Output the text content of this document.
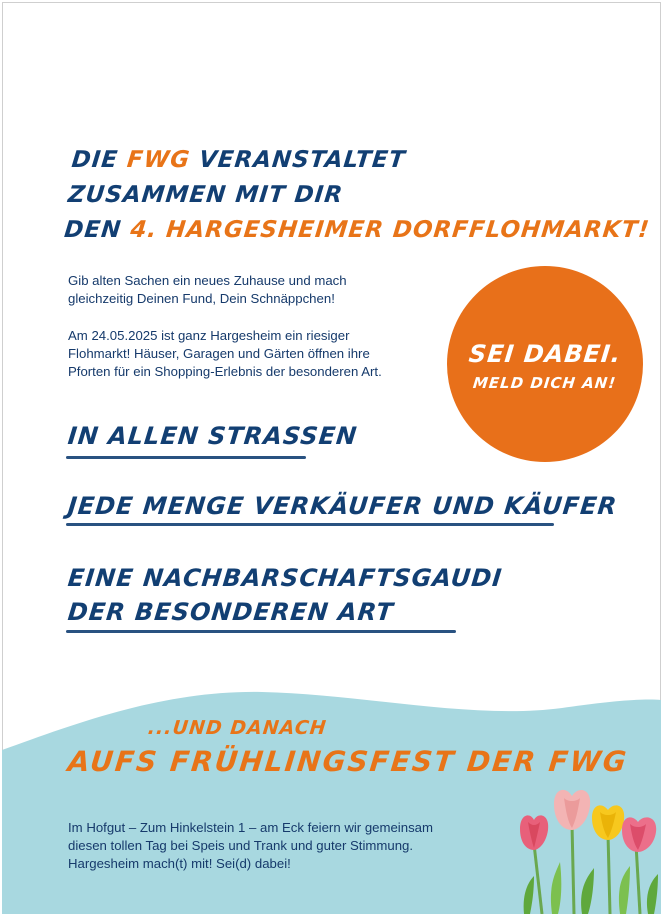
DIE FWG VERANSTALTET
ZUSAMMEN MIT DIR
DEN 4. HARGESHEIMER DORFFLOHMARKT!

Gib alten Sachen ein neues Zuhause und mach
gleichzeitig Deinen Fund, Dein Schnäppchen!

Am 24.05.2025 ist ganz Hargesheim ein riesiger
Flohmarkt! Häuser, Garagen und Gärten öffnen ihre
Pforten für ein Shopping-Erlebnis der besonderen Art.

SEI DABEI.
MELD DICH AN!
IN ALLEN STRASSEN
JEDE MENGE VERKÄUFER UND KÄUFER
EINE NACHBARSCHAFTSGAUDI
DER BESONDEREN ART
...UND DANACH
AUFS FRÜHLINGSFEST DER FWG

Im Hofgut – Zum Hinkelstein 1 – am Eck feiern wir gemeinsam
diesen tollen Tag bei Speis und Trank und guter Stimmung.
Hargesheim mach(t) mit! Sei(d) dabei!
